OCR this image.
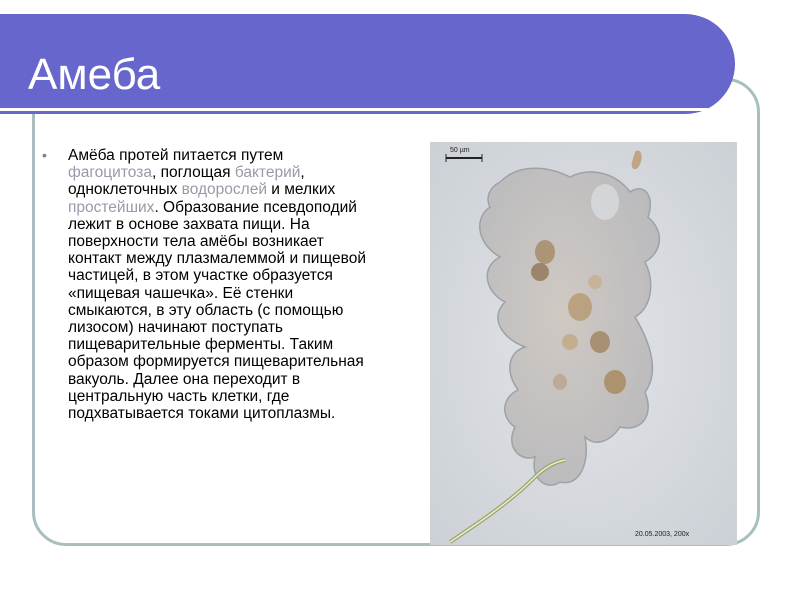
Амеба
• Амёба протей питается путем фагоцитоза, поглощая бактерий, одноклеточных водорослей и мелких простейших. Образование псевдоподий лежит в основе захвата пищи. На поверхности тела амёбы возникает контакт между плазмалеммой и пищевой частицей, в этом участке образуется «пищевая чашечка». Её стенки смыкаются, в эту область (с помощью лизосом) начинают поступать пищеварительные ферменты. Таким образом формируется пищеварительная вакуоль. Далее она переходит в центральную часть клетки, где подхватывается токами цитоплазмы.
50 µm
20.05.2003, 200x
